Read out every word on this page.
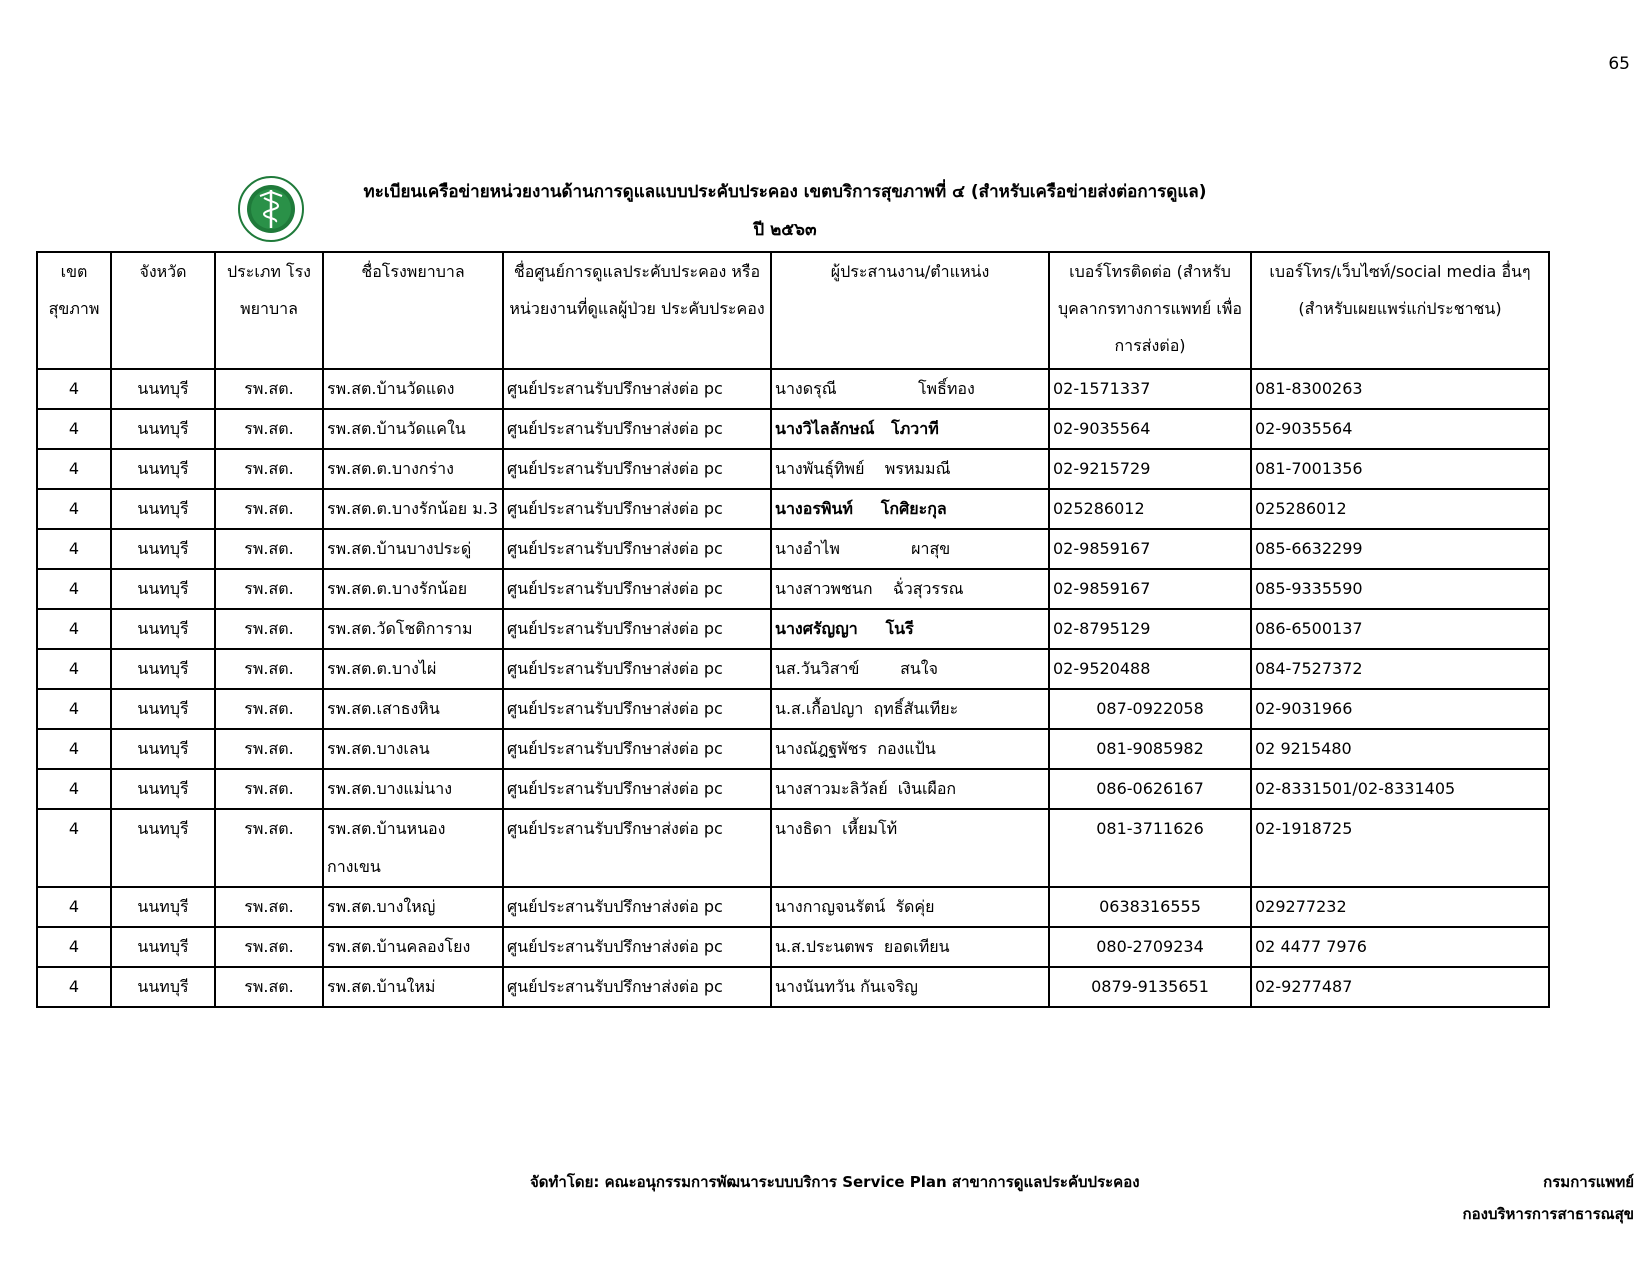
65
ทะเบียนเครือข่ายหน่วยงานด้านการดูแลแบบประคับประคอง เขตบริการสุขภาพที่ ๔ (สำหรับเครือข่ายส่งต่อการดูแล)
ปี ๒๕๖๓
เขต สุขภาพ	จังหวัด	ประเภท โรงพยาบาล	ชื่อโรงพยาบาล	ชื่อศูนย์การดูแลประคับประคอง หรือ หน่วยงานที่ดูแลผู้ป่วย ประคับประคอง	ผู้ประสานงาน/ตำแหน่ง	เบอร์โทรติดต่อ (สำหรับ บุคลากรทางการแพทย์ เพื่อการส่งต่อ)	เบอร์โทร/เว็บไซท์/social media อื่นๆ (สำหรับเผยแพร่แก่ประชาชน)
4	นนทบุรี	รพ.สต.	รพ.สต.บ้านวัดแดง	ศูนย์ประสานรับปรึกษาส่งต่อ pc	นางดรุณี                โพธิ์ทอง	02-1571337	081-8300263
4	นนทบุรี	รพ.สต.	รพ.สต.บ้านวัดแคใน	ศูนย์ประสานรับปรึกษาส่งต่อ pc	นางวิไลลักษณ์   โภวาที	02-9035564	02-9035564
4	นนทบุรี	รพ.สต.	รพ.สต.ต.บางกร่าง	ศูนย์ประสานรับปรึกษาส่งต่อ pc	นางพันธุ์ทิพย์    พรหมมณี	02-9215729	081-7001356
4	นนทบุรี	รพ.สต.	รพ.สต.ต.บางรักน้อย ม.3	ศูนย์ประสานรับปรึกษาส่งต่อ pc	นางอรพินท์     โกศิยะกุล	025286012	025286012
4	นนทบุรี	รพ.สต.	รพ.สต.บ้านบางประดู่	ศูนย์ประสานรับปรึกษาส่งต่อ pc	นางอำไพ              ผาสุข	02-9859167	085-6632299
4	นนทบุรี	รพ.สต.	รพ.สต.ต.บางรักน้อย	ศูนย์ประสานรับปรึกษาส่งต่อ pc	นางสาวพชนก    ฉั่วสุวรรณ	02-9859167	085-9335590
4	นนทบุรี	รพ.สต.	รพ.สต.วัดโชติการาม	ศูนย์ประสานรับปรึกษาส่งต่อ pc	นางศรัญญา     โนรี	02-8795129	086-6500137
4	นนทบุรี	รพ.สต.	รพ.สต.ต.บางไผ่	ศูนย์ประสานรับปรึกษาส่งต่อ pc	นส.วันวิสาข์        สนใจ	02-9520488	084-7527372
4	นนทบุรี	รพ.สต.	รพ.สต.เสาธงหิน	ศูนย์ประสานรับปรึกษาส่งต่อ pc	น.ส.เกื้อปญา  ฤทธิ์สันเทียะ	087-0922058	02-9031966
4	นนทบุรี	รพ.สต.	รพ.สต.บางเลน	ศูนย์ประสานรับปรึกษาส่งต่อ pc	นางณัฎฐพัชร  กองแป้น	081-9085982	02 9215480
4	นนทบุรี	รพ.สต.	รพ.สต.บางแม่นาง	ศูนย์ประสานรับปรึกษาส่งต่อ pc	นางสาวมะลิวัลย์  เงินเผือก	086-0626167	02-8331501/02-8331405
4	นนทบุรี	รพ.สต.	รพ.สต.บ้านหนอง กางเขน	ศูนย์ประสานรับปรึกษาส่งต่อ pc	นางธิดา  เหี้ยมโท้	081-3711626	02-1918725
4	นนทบุรี	รพ.สต.	รพ.สต.บางใหญ่	ศูนย์ประสานรับปรึกษาส่งต่อ pc	นางกาญจนรัตน์  รัดคุ่ย	0638316555	029277232
4	นนทบุรี	รพ.สต.	รพ.สต.บ้านคลองโยง	ศูนย์ประสานรับปรึกษาส่งต่อ pc	น.ส.ประนตพร  ยอดเทียน	080-2709234	02 4477 7976
4	นนทบุรี	รพ.สต.	รพ.สต.บ้านใหม่	ศูนย์ประสานรับปรึกษาส่งต่อ pc	นางนันทวัน กันเจริญ	0879-9135651	02-9277487
จัดทำโดย: คณะอนุกรรมการพัฒนาระบบบริการ Service Plan สาขาการดูแลประคับประคอง	กรมการแพทย์
กองบริหารการสาธารณสุข
